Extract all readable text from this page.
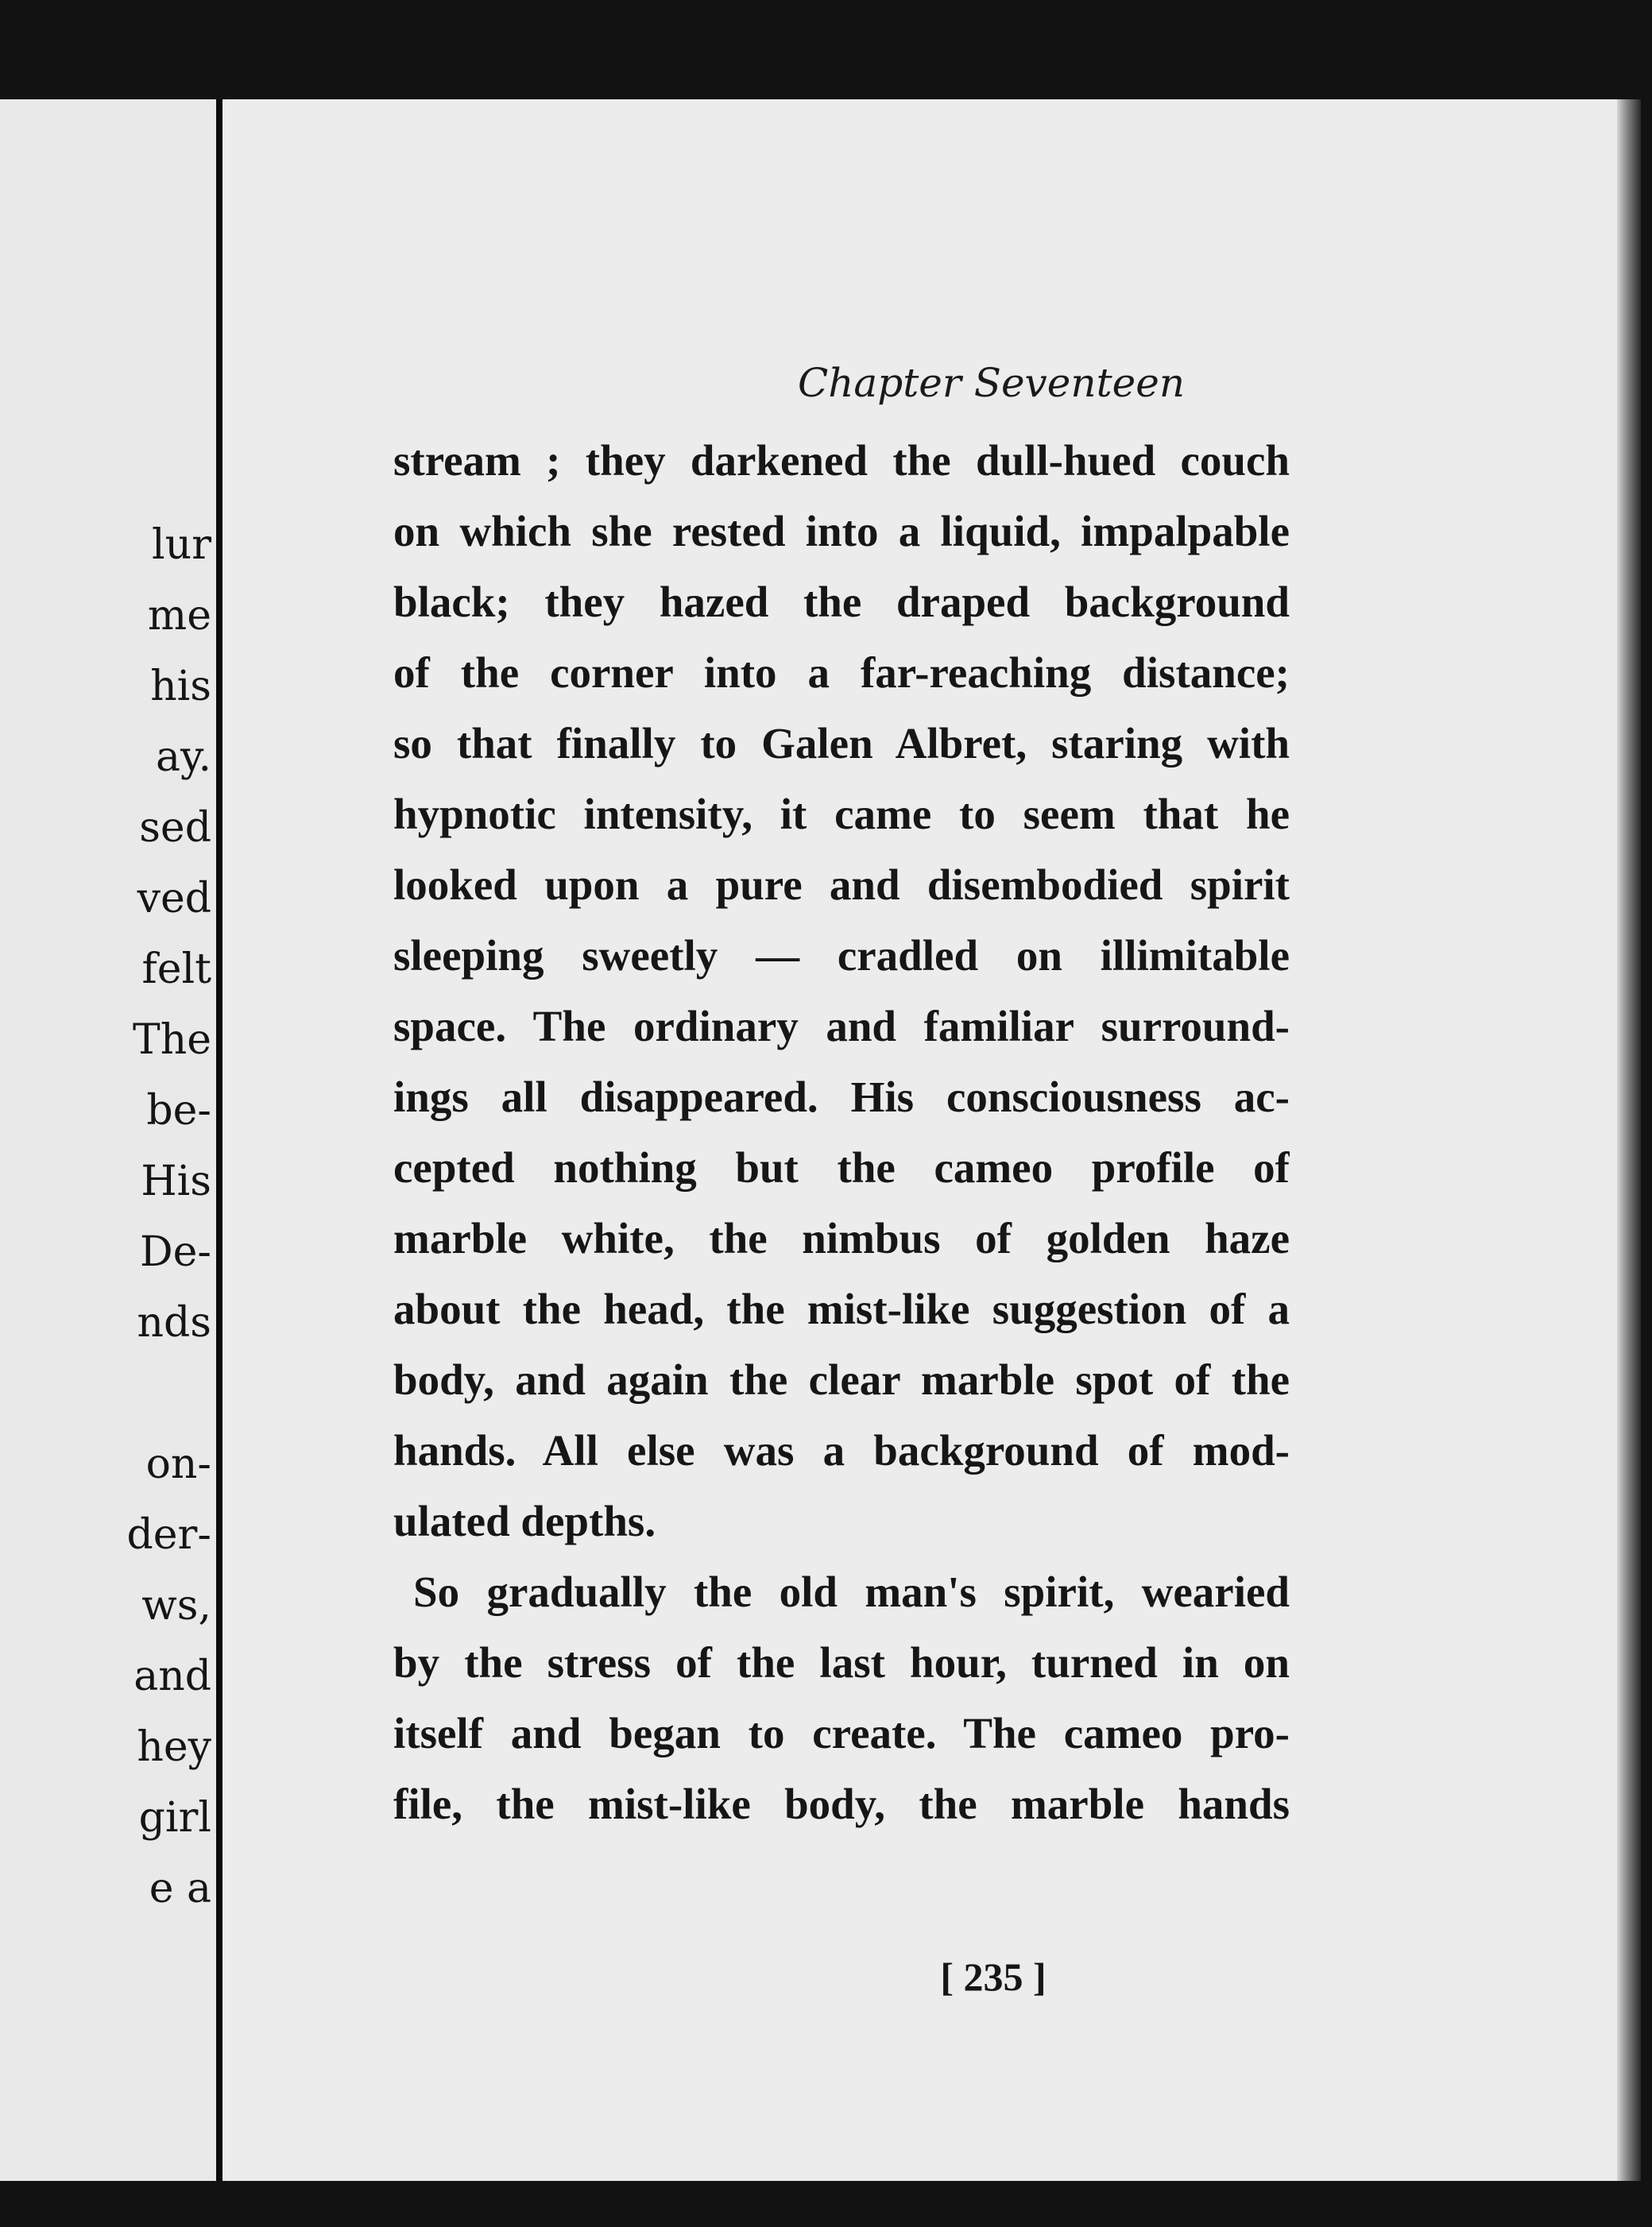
lur
me
his
ay.
sed
ved
felt
The
be-
His
De-
nds
on-
der-
ws,
and
hey
girl
e a
Chapter Seventeen
stream ; they darkened the dull-hued couch
on which she rested into a liquid, impalpable
black; they hazed the draped background
of the corner into a far-reaching distance;
so that finally to Galen Albret, staring with
hypnotic intensity, it came to seem that he
looked upon a pure and disembodied spirit
sleeping sweetly — cradled on illimitable
space. The ordinary and familiar surround-
ings all disappeared. His consciousness ac-
cepted nothing but the cameo profile of
marble white, the nimbus of golden haze
about the head, the mist-like suggestion of a
body, and again the clear marble spot of the
hands. All else was a background of mod-
ulated depths.
So gradually the old man's spirit, wearied
by the stress of the last hour, turned in on
itself and began to create. The cameo pro-
file, the mist-like body, the marble hands
[ 235 ]
